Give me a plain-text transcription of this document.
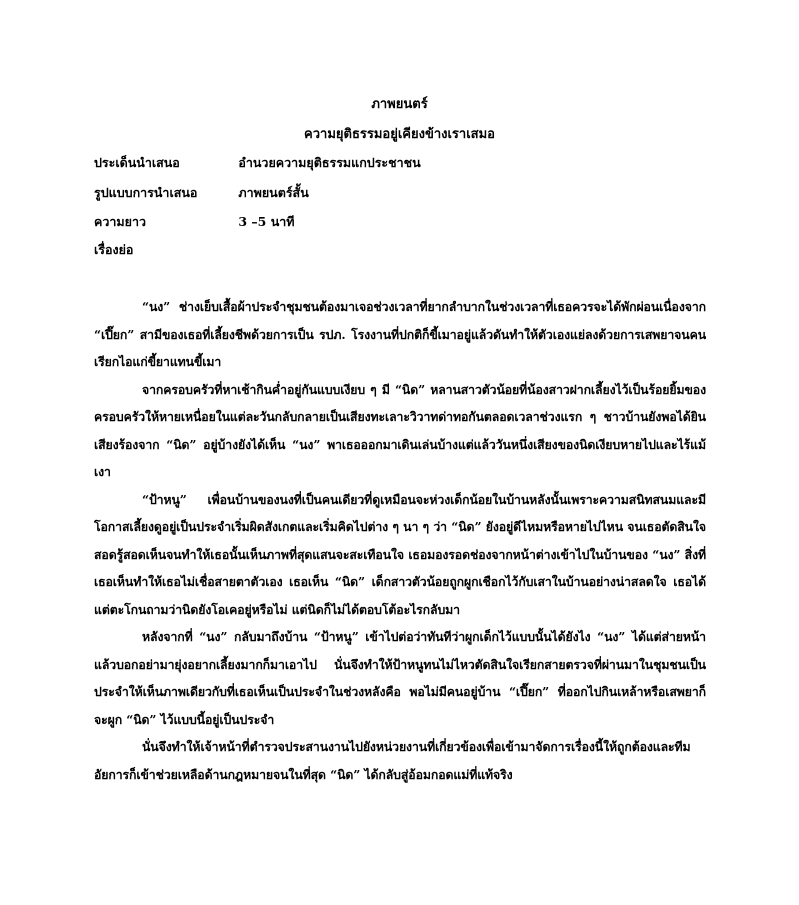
ภาพยนตร์
ความยุติธรรมอยู่เคียงข้างเราเสมอ
ประเด็นนำเสนอ	อำนวยความยุติธรรมแกประชาชน
รูปแบบการนำเสนอ	ภาพยนตร์สั้น
ความยาว	3 –5 นาที
เรื่องย่อ

“นง” ช่างเย็บเสื้อผ้าประจำชุมชนต้องมาเจอช่วงเวลาที่ยากลำบากในช่วงเวลาที่เธอควรจะได้พักผ่อนเนื่องจาก “เปี๊ยก” สามีของเธอที่เลี้ยงชีพด้วยการเป็น รปภ. โรงงานที่ปกติก็ขี้เมาอยู่แล้วดันทำให้ตัวเองแย่ลงด้วยการเสพยาจนคนเรียกไอแก่ขี้ยาแทนขี้เมา

จากครอบครัวที่หาเช้ากินค่ำอยู่กันแบบเงียบ ๆ มี “นิด” หลานสาวตัวน้อยที่น้องสาวฝากเลี้ยงไว้เป็นร้อยยิ้มของครอบครัวให้หายเหนื่อยในแต่ละวันกลับกลายเป็นเสียงทะเลาะวิวาทด่าทอกันตลอดเวลาช่วงแรก ๆ ชาวบ้านยังพอได้ยินเสียงร้องจาก “นิด” อยู่บ้างยังได้เห็น “นง” พาเธอออกมาเดินเล่นบ้างแต่แล้ววันหนึ่งเสียงของนิดเงียบหายไปและไร้แม้เงา

“ป้าหนู” เพื่อนบ้านของนงที่เป็นคนเดียวที่ดูเหมือนจะห่วงเด็กน้อยในบ้านหลังนั้นเพราะความสนิทสนมและมีโอกาสเลี้ยงดูอยู่เป็นประจำเริ่มผิดสังเกตและเริ่มคิดไปต่าง ๆ นา ๆ ว่า “นิด” ยังอยู่ดีไหมหรือหายไปไหน จนเธอตัดสินใจสอดรู้สอดเห็นจนทำให้เธอนั้นเห็นภาพที่สุดแสนจะสะเทือนใจ เธอมองรอดช่องจากหน้าต่างเข้าไปในบ้านของ “นง” สิ่งที่เธอเห็นทำให้เธอไม่เชื่อสายตาตัวเอง เธอเห็น “นิด” เด็กสาวตัวน้อยถูกผูกเชือกไว้กับเสาในบ้านอย่างน่าสลดใจ เธอได้แต่ตะโกนถามว่านิดยังโอเคอยู่หรือไม่ แต่นิดก็ไม่ได้ตอบโต้อะไรกลับมา

หลังจากที่ “นง” กลับมาถึงบ้าน “ป้าหนู” เข้าไปต่อว่าทันทีว่าผูกเด็กไว้แบบนั้นได้ยังไง “นง” ได้แต่ส่ายหน้าแล้วบอกอย่ามายุ่งอยากเลี้ยงมากก็มาเอาไป นั่นจึงทำให้ป้าหนูทนไม่ไหวตัดสินใจเรียกสายตรวจที่ผ่านมาในชุมชนเป็นประจำให้เห็นภาพเดียวกับที่เธอเห็นเป็นประจำในช่วงหลังคือ พอไม่มีคนอยู่บ้าน “เปี๊ยก” ที่ออกไปกินเหล้าหรือเสพยาก็จะผูก “นิด” ไว้แบบนี้อยู่เป็นประจำ

นั่นจึงทำให้เจ้าหน้าที่ตำรวจประสานงานไปยังหน่วยงานที่เกี่ยวข้องเพื่อเข้ามาจัดการเรื่องนี้ให้ถูกต้องและทีมอัยการก็เข้าช่วยเหลือด้านกฎหมายจนในที่สุด “นิด” ได้กลับสู่อ้อมกอดแม่ที่แท้จริง
